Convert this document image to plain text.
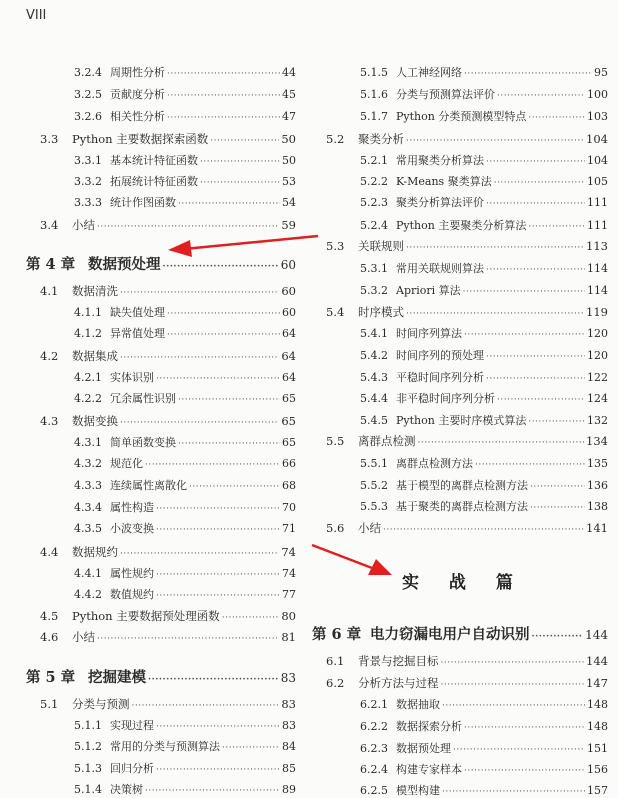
VIII
3.2.4 周期性分析 ·····	44
3.2.5 贡献度分析 ·····	45
3.2.6 相关性分析 ·····	47
3.3	Python 主要数据探索函数 ·····	50
3.3.1 基本统计特征函数 ·····	50
3.3.2 拓展统计特征函数 ·····	53
3.3.3 统计作图函数 ·····	54
3.4	小结 ·····	59
第 4 章 数据预处理 ·····	60
4.1	数据清洗 ·····	60
4.1.1 缺失值处理 ·····	60
4.1.2 异常值处理 ·····	64
4.2	数据集成 ·····	64
4.2.1 实体识别 ·····	64
4.2.2 冗余属性识别 ·····	65
4.3	数据变换 ·····	65
4.3.1 简单函数变换 ·····	65
4.3.2 规范化 ·····	66
4.3.3 连续属性离散化 ·····	68
4.3.4 属性构造 ·····	70
4.3.5 小波变换 ·····	71
4.4	数据规约 ·····	74
4.4.1 属性规约 ·····	74
4.4.2 数值规约 ·····	77
4.5	Python 主要数据预处理函数 ·····	80
4.6	小结 ·····	81
第 5 章 挖掘建模 ·····	83
5.1	分类与预测 ·····	83
5.1.1 实现过程 ·····	83
5.1.2 常用的分类与预测算法 ·····	84
5.1.3 回归分析 ·····	85
5.1.4 决策树 ·····	89
5.1.5 人工神经网络 ·····	95
5.1.6 分类与预测算法评价 ·····	100
5.1.7 Python 分类预测模型特点 ·····	103
5.2	聚类分析 ·····	104
5.2.1 常用聚类分析算法 ·····	104
5.2.2 K-Means 聚类算法 ·····	105
5.2.3 聚类分析算法评价 ·····	111
5.2.4 Python 主要聚类分析算法 ·····	111
5.3	关联规则 ·····	113
5.3.1 常用关联规则算法 ·····	114
5.3.2 Apriori 算法 ·····	114
5.4	时序模式 ·····	119
5.4.1 时间序列算法 ·····	120
5.4.2 时间序列的预处理 ·····	120
5.4.3 平稳时间序列分析 ·····	122
5.4.4 非平稳时间序列分析 ·····	124
5.4.5 Python 主要时序模式算法 ·····	132
5.5	离群点检测 ·····	134
5.5.1 离群点检测方法 ·····	135
5.5.2 基于模型的离群点检测方法 ·····	136
5.5.3 基于聚类的离群点检测方法 ·····	138
5.6	小结 ·····	141
第 6 章 电力窃漏电用户自动识别 ·····	144
6.1	背景与挖掘目标 ·····	144
6.2	分析方法与过程 ·····	147
6.2.1 数据抽取 ·····	148
6.2.2 数据探索分析 ·····	148
6.2.3 数据预处理 ·····	151
6.2.4 构建专家样本 ·····	156
6.2.5 模型构建 ·····	157
实 战 篇
